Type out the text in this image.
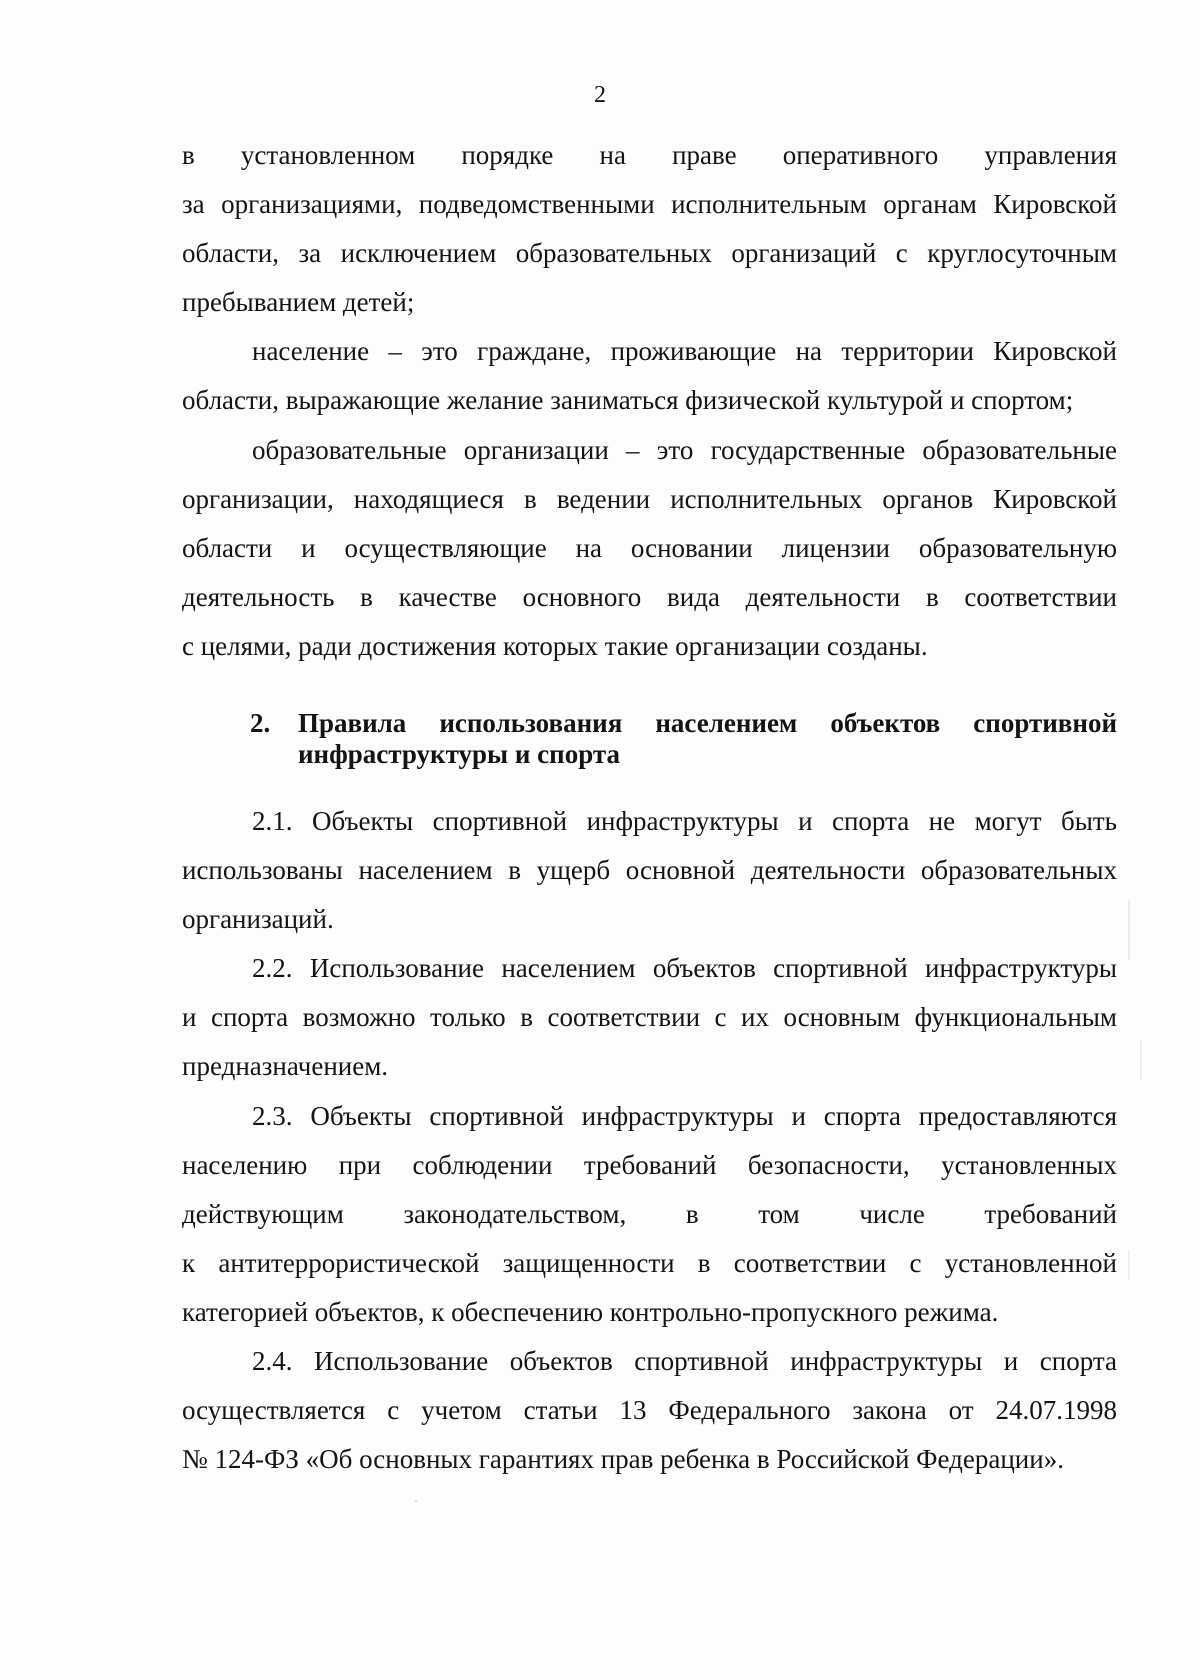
2
в установленном порядке на праве оперативного управления
за организациями, подведомственными исполнительным органам Кировской
области, за исключением образовательных организаций с круглосуточным
пребыванием детей;
население – это граждане, проживающие на территории Кировской
области, выражающие желание заниматься физической культурой и спортом;
образовательные организации – это государственные образовательные
организации, находящиеся в ведении исполнительных органов Кировской
области и осуществляющие на основании лицензии образовательную
деятельность в качестве основного вида деятельности в соответствии
с целями, ради достижения которых такие организации созданы.
2.	Правила использования населением объектов спортивной
инфраструктуры и спорта
2.1. Объекты спортивной инфраструктуры и спорта не могут быть
использованы населением в ущерб основной деятельности образовательных
организаций.
2.2. Использование населением объектов спортивной инфраструктуры
и спорта возможно только в соответствии с их основным функциональным
предназначением.
2.3. Объекты спортивной инфраструктуры и спорта предоставляются
населению при соблюдении требований безопасности, установленных
действующим законодательством, в том числе требований
к антитеррористической защищенности в соответствии с установленной
категорией объектов, к обеспечению контрольно-пропускного режима.
2.4. Использование объектов спортивной инфраструктуры и спорта
осуществляется с учетом статьи 13 Федерального закона от 24.07.1998
№ 124-ФЗ «Об основных гарантиях прав ребенка в Российской Федерации».
